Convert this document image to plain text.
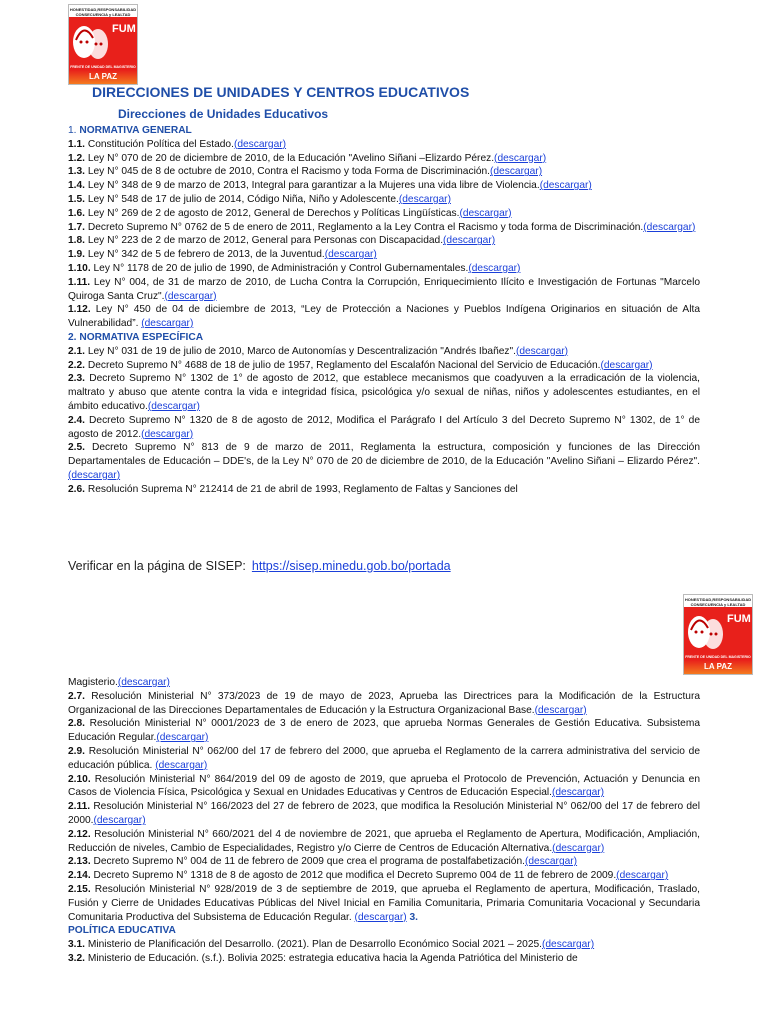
HONESTIDAD,RESPONSABILIDAD CONSECUENCIA y LEALTAD
FUM
FRENTE DE UNIDAD DEL MAGISTERIO
LA PAZ
DIRECCIONES DE UNIDADES Y CENTROS EDUCATIVOS
Direcciones de Unidades Educativos

1. NORMATIVA GENERAL

1.1. Constitución Política del Estado.(descargar)

1.2. Ley N° 070 de 20 de diciembre de 2010, de la Educación "Avelino Siñani –Elizardo Pérez.(descargar)

1.3. Ley N° 045 de 8 de octubre de 2010, Contra el Racismo y toda Forma de Discriminación.(descargar)

1.4. Ley N° 348 de 9 de marzo de 2013, Integral para garantizar a la Mujeres una vida libre de Violencia.(descargar)

1.5. Ley N° 548 de 17 de julio de 2014, Código Niña, Niño y Adolescente.(descargar)

1.6. Ley N° 269 de 2 de agosto de 2012, General de Derechos y Políticas Lingüísticas.(descargar)

1.7. Decreto Supremo N° 0762 de 5 de enero de 2011, Reglamento a la Ley Contra el Racismo y toda forma de Discriminación.(descargar)

1.8. Ley N° 223 de 2 de marzo de 2012, General para Personas con Discapacidad.(descargar)

1.9. Ley N° 342 de 5 de febrero de 2013, de la Juventud.(descargar)

1.10. Ley N° 1178 de 20 de julio de 1990, de Administración y Control Gubernamentales.(descargar)

1.11. Ley N° 004, de 31 de marzo de 2010, de Lucha Contra la Corrupción, Enriquecimiento Ilícito e Investigación de Fortunas "Marcelo Quiroga Santa Cruz".(descargar)

1.12. Ley N° 450 de 04 de diciembre de 2013, “Ley de Protección a Naciones y Pueblos Indígena Originarios en situación de Alta Vulnerabilidad”. (descargar)

2. NORMATIVA ESPECÍFICA

2.1. Ley N° 031 de 19 de julio de 2010, Marco de Autonomías y Descentralización "Andrés Ibañez".(descargar)

2.2. Decreto Supremo N° 4688 de 18 de julio de 1957, Reglamento del Escalafón Nacional del Servicio de Educación.(descargar)

2.3. Decreto Supremo N° 1302 de 1° de agosto de 2012, que establece mecanismos que coadyuven a la erradicación de la violencia, maltrato y abuso que atente contra la vida e integridad física, psicológica y/o sexual de niñas, niños y adolescentes estudiantes, en el ámbito educativo.(descargar)

2.4. Decreto Supremo N° 1320 de 8 de agosto de 2012, Modifica el Parágrafo I del Artículo 3 del Decreto Supremo N° 1302, de 1° de agosto de 2012.(descargar)

2.5. Decreto Supremo N° 813 de 9 de marzo de 2011, Reglamenta la estructura, composición y funciones de las Dirección Departamentales de Educación – DDE's, de la Ley N° 070 de 20 de diciembre de 2010, de la Educación "Avelino Siñani – Elizardo Pérez". (descargar)

2.6. Resolución Suprema N° 212414 de 21 de abril de 1993, Reglamento de Faltas y Sanciones del

Verificar en la página de SISEP: https://sisep.minedu.gob.bo/portada
HONESTIDAD,RESPONSABILIDAD CONSECUENCIA y LEALTAD
FUM
FRENTE DE UNIDAD DEL MAGISTERIO
LA PAZ

Magisterio.(descargar)

2.7. Resolución Ministerial N° 373/2023 de 19 de mayo de 2023, Aprueba las Directrices para la Modificación de la Estructura Organizacional de las Direcciones Departamentales de Educación y la Estructura Organizacional Base.(descargar)

2.8. Resolución Ministerial N° 0001/2023 de 3 de enero de 2023, que aprueba Normas Generales de Gestión Educativa. Subsistema Educación Regular.(descargar)

2.9. Resolución Ministerial N° 062/00 del 17 de febrero del 2000, que aprueba el Reglamento de la carrera administrativa del servicio de educación pública. (descargar)

2.10. Resolución Ministerial N° 864/2019 del 09 de agosto de 2019, que aprueba el Protocolo de Prevención, Actuación y Denuncia en Casos de Violencia Física, Psicológica y Sexual en Unidades Educativas y Centros de Educación Especial.(descargar)

2.11. Resolución Ministerial N° 166/2023 del 27 de febrero de 2023, que modifica la Resolución Ministerial N° 062/00 del 17 de febrero del 2000.(descargar)

2.12. Resolución Ministerial N° 660/2021 del 4 de noviembre de 2021, que aprueba el Reglamento de Apertura, Modificación, Ampliación, Reducción de niveles, Cambio de Especialidades, Registro y/o Cierre de Centros de Educación Alternativa.(descargar)

2.13. Decreto Supremo N° 004 de 11 de febrero de 2009 que crea el programa de postalfabetización.(descargar)

2.14. Decreto Supremo N° 1318 de 8 de agosto de 2012 que modifica el Decreto Supremo 004 de 11 de febrero de 2009.(descargar)

2.15. Resolución Ministerial N° 928/2019 de 3 de septiembre de 2019, que aprueba el Reglamento de apertura, Modificación, Traslado, Fusión y Cierre de Unidades Educativas Públicas del Nivel Inicial en Familia Comunitaria, Primaria Comunitaria Vocacional y Secundaria Comunitaria Productiva del Subsistema de Educación Regular. (descargar) 3.

POLÍTICA EDUCATIVA

3.1. Ministerio de Planificación del Desarrollo. (2021). Plan de Desarrollo Económico Social 2021 – 2025.(descargar)

3.2. Ministerio de Educación. (s.f.). Bolivia 2025: estrategia educativa hacia la Agenda Patriótica del Ministerio de
